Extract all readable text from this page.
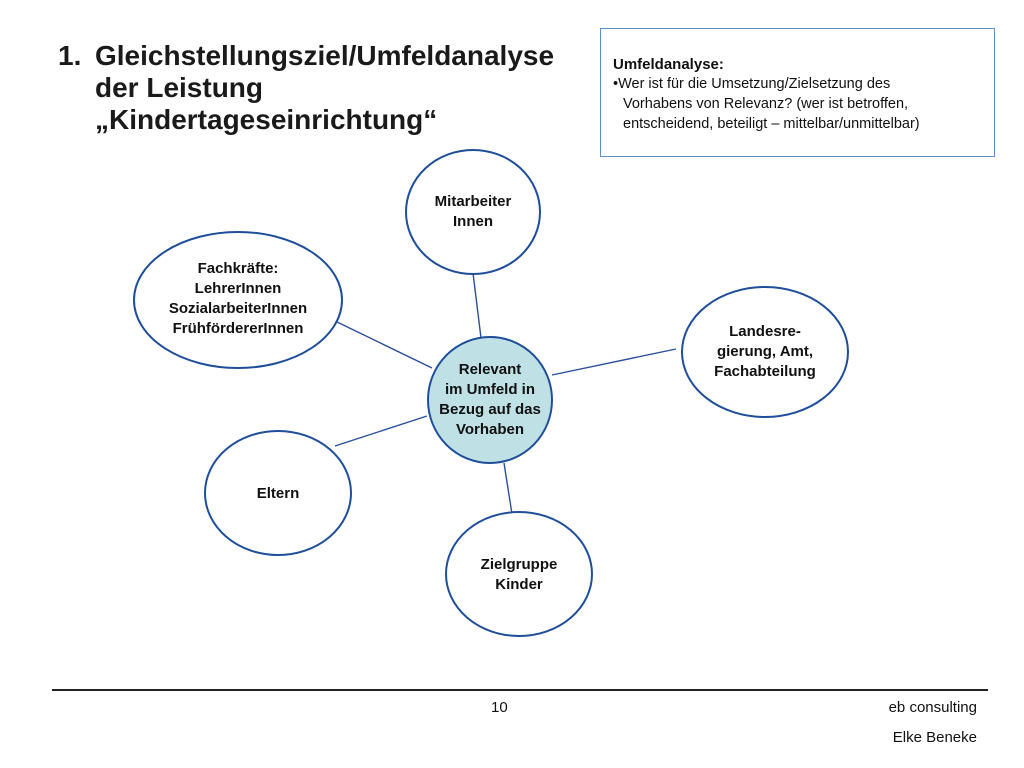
1. Gleichstellungsziel/Umfeldanalyse
der Leistung
„Kindertageseinrichtung“
Umfeldanalyse:
•Wer ist für die Umsetzung/Zielsetzung des
Vorhabens von Relevanz? (wer ist betroffen,
entscheidend, beteiligt – mittelbar/unmittelbar)
Relevant
im Umfeld in
Bezug auf das
Vorhaben
Mitarbeiter
Innen
Fachkräfte:
LehrerInnen
SozialarbeiterInnen
FrühfördererInnen	Landesre-
gierung, Amt,
Fachabteilung
Eltern
Zielgruppe
Kinder
10	eb consulting
Elke Beneke
